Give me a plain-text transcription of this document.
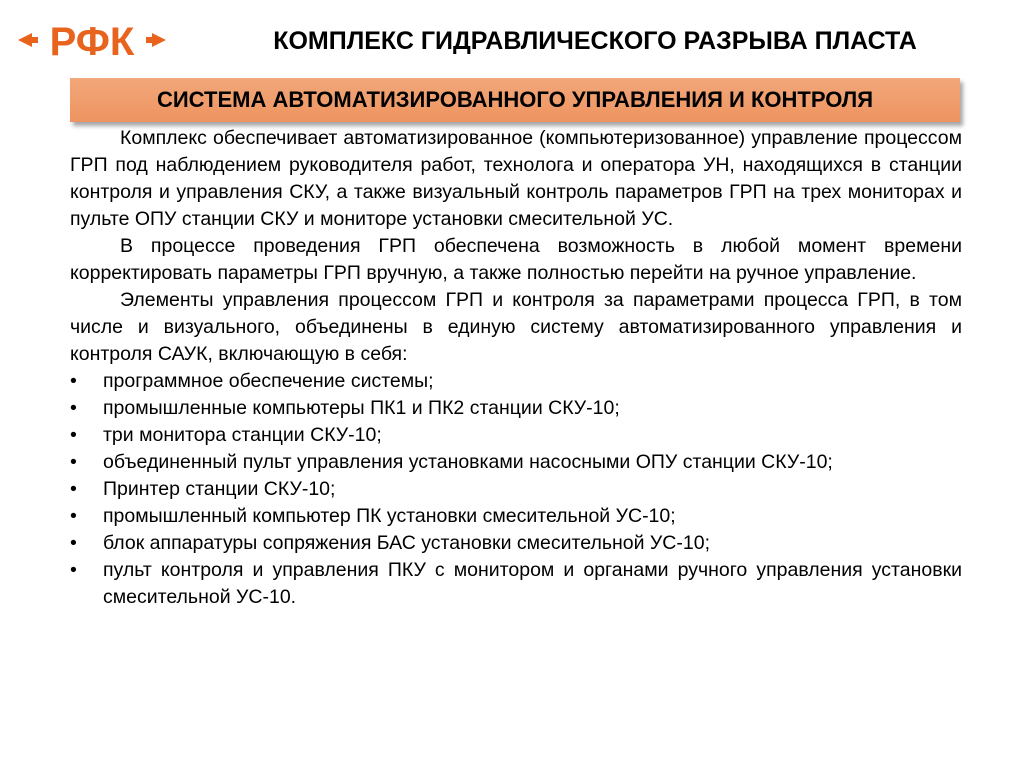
РФК	КОМПЛЕКС ГИДРАВЛИЧЕСКОГО РАЗРЫВА ПЛАСТА
СИСТЕМА АВТОМАТИЗИРОВАННОГО УПРАВЛЕНИЯ И КОНТРОЛЯ

Комплекс обеспечивает автоматизированное (компьютеризованное) управление процессом ГРП под наблюдением руководителя работ, технолога и оператора УН, находящихся в станции контроля и управления СКУ, а также визуальный контроль параметров ГРП на трех мониторах и пульте ОПУ станции СКУ и мониторе установки смесительной УС.

В процессе проведения ГРП обеспечена возможность в любой момент времени корректировать параметры ГРП вручную, а также полностью перейти на ручное управление.

Элементы управления процессом ГРП и контроля за параметрами процесса ГРП, в том числе и визуального, объединены в единую систему автоматизированного управления и контроля САУК, включающую в себя:

• программное обеспечение системы;
• промышленные компьютеры ПК1 и ПК2 станции СКУ-10;
• три монитора станции СКУ-10;
• объединенный пульт управления установками насосными ОПУ станции СКУ-10;
• Принтер станции СКУ-10;
• промышленный компьютер ПК установки смесительной УС-10;
• блок аппаратуры сопряжения БАС установки смесительной УС-10;
• пульт контроля и управления ПКУ с монитором и органами ручного управления установки смесительной УС-10.
